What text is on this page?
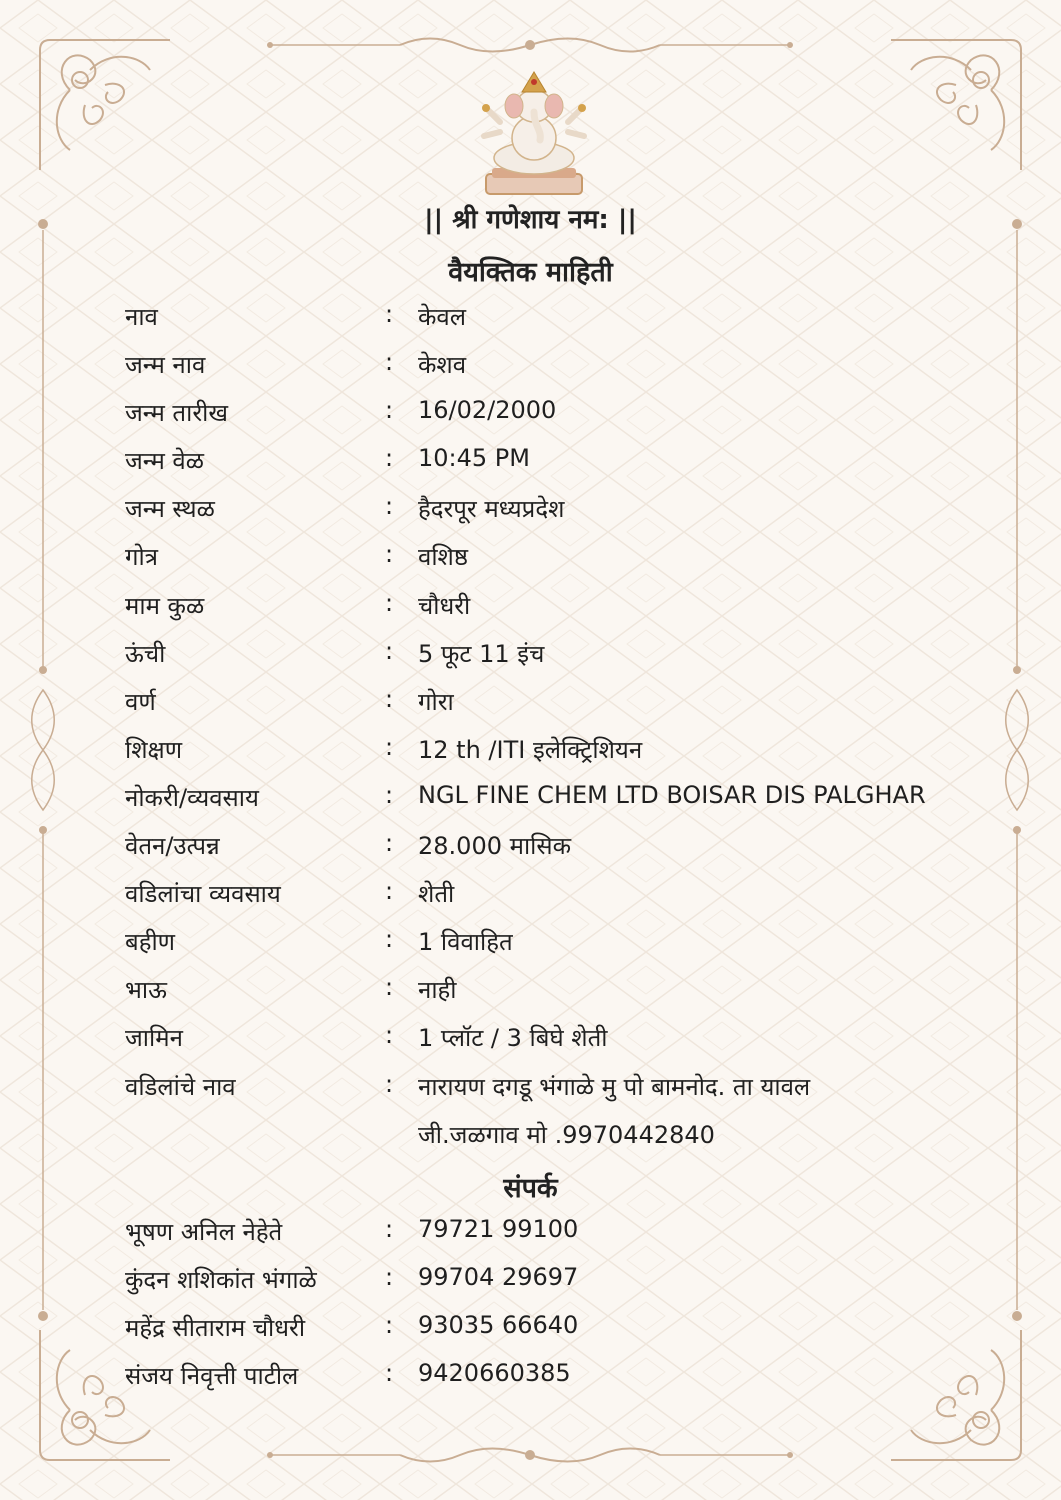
|| श्री गणेशाय नम: ||
वैयक्तिक माहिती
नाव	: केवल
जन्म नाव	: केशव
जन्म तारीख	: 16/02/2000
जन्म वेळ	: 10:45 PM
जन्म स्थळ	: हैदरपूर मध्यप्रदेश
गोत्र	: वशिष्ठ
माम कुळ	: चौधरी
ऊंची	: 5 फूट 11 इंच
वर्ण	: गोरा
शिक्षण	: 12 th /ITI इलेक्ट्रिशियन
नोकरी/व्यवसाय	: NGL FINE CHEM LTD BOISAR DIS PALGHAR
वेतन/उत्पन्न	: 28.000 मासिक
वडिलांचा व्यवसाय	: शेती
बहीण	: 1 विवाहित
भाऊ	: नाही
जामिन	: 1 प्लॉट / 3 बिघे शेती
वडिलांचे नाव	: नारायण दगडू भंगाळे मु पो बामनोद. ता यावल
जी.जळगाव मो .9970442840
संपर्क
भूषण अनिल नेहेते	: 79721 99100
कुंदन शशिकांत भंगाळे	: 99704 29697
महेंद्र सीताराम चौधरी	: 93035 66640
संजय निवृत्ती पाटील	: 9420660385
